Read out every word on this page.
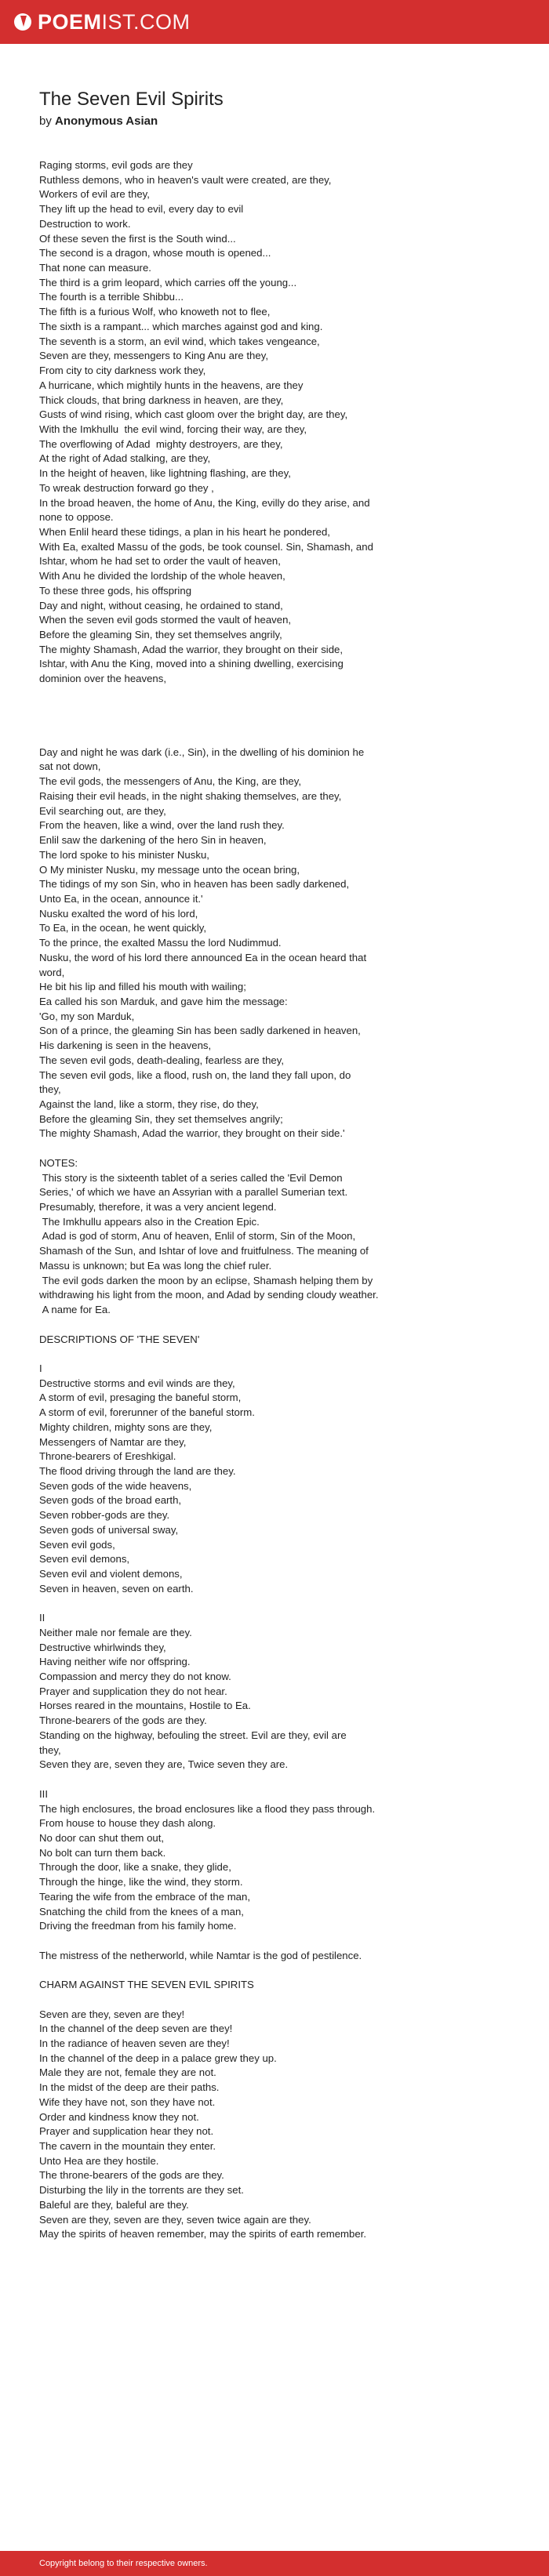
POEMIST.COM
The Seven Evil Spirits
by Anonymous Asian
Raging storms, evil gods are they
Ruthless demons, who in heaven's vault were created, are they,
Workers of evil are they,
They lift up the head to evil, every day to evil
Destruction to work.
Of these seven the first is the South wind...
The second is a dragon, whose mouth is opened...
That none can measure.
The third is a grim leopard, which carries off the young...
The fourth is a terrible Shibbu...
The fifth is a furious Wolf, who knoweth not to flee,
The sixth is a rampant... which marches against god and king.
The seventh is a storm, an evil wind, which takes vengeance,
Seven are they, messengers to King Anu are they,
From city to city darkness work they,
A hurricane, which mightily hunts in the heavens, are they
Thick clouds, that bring darkness in heaven, are they,
Gusts of wind rising, which cast gloom over the bright day, are they,
With the Imkhullu  the evil wind, forcing their way, are they,
The overflowing of Adad  mighty destroyers, are they,
At the right of Adad stalking, are they,
In the height of heaven, like lightning flashing, are they,
To wreak destruction forward go they ,
In the broad heaven, the home of Anu, the King, evilly do they arise, and
none to oppose.
When Enlil heard these tidings, a plan in his heart he pondered,
With Ea, exalted Massu of the gods, be took counsel. Sin, Shamash, and
Ishtar, whom he had set to order the vault of heaven,
With Anu he divided the lordship of the whole heaven,
To these three gods, his offspring
Day and night, without ceasing, he ordained to stand,
When the seven evil gods stormed the vault of heaven,
Before the gleaming Sin, they set themselves angrily,
The mighty Shamash, Adad the warrior, they brought on their side,
Ishtar, with Anu the King, moved into a shining dwelling, exercising
dominion over the heavens,

Day and night he was dark (i.e., Sin), in the dwelling of his dominion he
sat not down,
The evil gods, the messengers of Anu, the King, are they,
Raising their evil heads, in the night shaking themselves, are they,
Evil searching out, are they,
From the heaven, like a wind, over the land rush they.
Enlil saw the darkening of the hero Sin in heaven,
The lord spoke to his minister Nusku,
O My minister Nusku, my message unto the ocean bring,
The tidings of my son Sin, who in heaven has been sadly darkened,
Unto Ea, in the ocean, announce it.'
Nusku exalted the word of his lord,
To Ea, in the ocean, he went quickly,
To the prince, the exalted Massu the lord Nudimmud.
Nusku, the word of his lord there announced Ea in the ocean heard that
word,
He bit his lip and filled his mouth with wailing;
Ea called his son Marduk, and gave him the message:
'Go, my son Marduk,
Son of a prince, the gleaming Sin has been sadly darkened in heaven,
His darkening is seen in the heavens,
The seven evil gods, death-dealing, fearless are they,
The seven evil gods, like a flood, rush on, the land they fall upon, do
they,
Against the land, like a storm, they rise, do they,
Before the gleaming Sin, they set themselves angrily;
The mighty Shamash, Adad the warrior, they brought on their side.'

NOTES:
This story is the sixteenth tablet of a series called the 'Evil Demon
Series,' of which we have an Assyrian with a parallel Sumerian text.
Presumably, therefore, it was a very ancient legend.
The Imkhullu appears also in the Creation Epic.
Adad is god of storm, Anu of heaven, Enlil of storm, Sin of the Moon,
Shamash of the Sun, and Ishtar of love and fruitfulness. The meaning of
Massu is unknown; but Ea was long the chief ruler.
The evil gods darken the moon by an eclipse, Shamash helping them by
withdrawing his light from the moon, and Adad by sending cloudy weather.
A name for Ea.

DESCRIPTIONS OF 'THE SEVEN'

I
Destructive storms and evil winds are they,
A storm of evil, presaging the baneful storm,
A storm of evil, forerunner of the baneful storm.
Mighty children, mighty sons are they,
Messengers of Namtar are they,
Throne-bearers of Ereshkigal.
The flood driving through the land are they.
Seven gods of the wide heavens,
Seven gods of the broad earth,
Seven robber-gods are they.
Seven gods of universal sway,
Seven evil gods,
Seven evil demons,
Seven evil and violent demons,
Seven in heaven, seven on earth.

II
Neither male nor female are they.
Destructive whirlwinds they,
Having neither wife nor offspring.
Compassion and mercy they do not know.
Prayer and supplication they do not hear.
Horses reared in the mountains, Hostile to Ea.
Throne-bearers of the gods are they.
Standing on the highway, befouling the street. Evil are they, evil are
they,
Seven they are, seven they are, Twice seven they are.

III
The high enclosures, the broad enclosures like a flood they pass through.
From house to house they dash along.
No door can shut them out,
No bolt can turn them back.
Through the door, like a snake, they glide,
Through the hinge, like the wind, they storm.
Tearing the wife from the embrace of the man,
Snatching the child from the knees of a man,
Driving the freedman from his family home.

The mistress of the netherworld, while Namtar is the god of pestilence.

CHARM AGAINST THE SEVEN EVIL SPIRITS

Seven are they, seven are they!
In the channel of the deep seven are they!
In the radiance of heaven seven are they!
In the channel of the deep in a palace grew they up.
Male they are not, female they are not.
In the midst of the deep are their paths.
Wife they have not, son they have not.
Order and kindness know they not.
Prayer and supplication hear they not.
The cavern in the mountain they enter.
Unto Hea are they hostile.
The throne-bearers of the gods are they.
Disturbing the lily in the torrents are they set.
Baleful are they, baleful are they.
Seven are they, seven are they, seven twice again are they.
May the spirits of heaven remember, may the spirits of earth remember.
Copyright belong to their respective owners.
